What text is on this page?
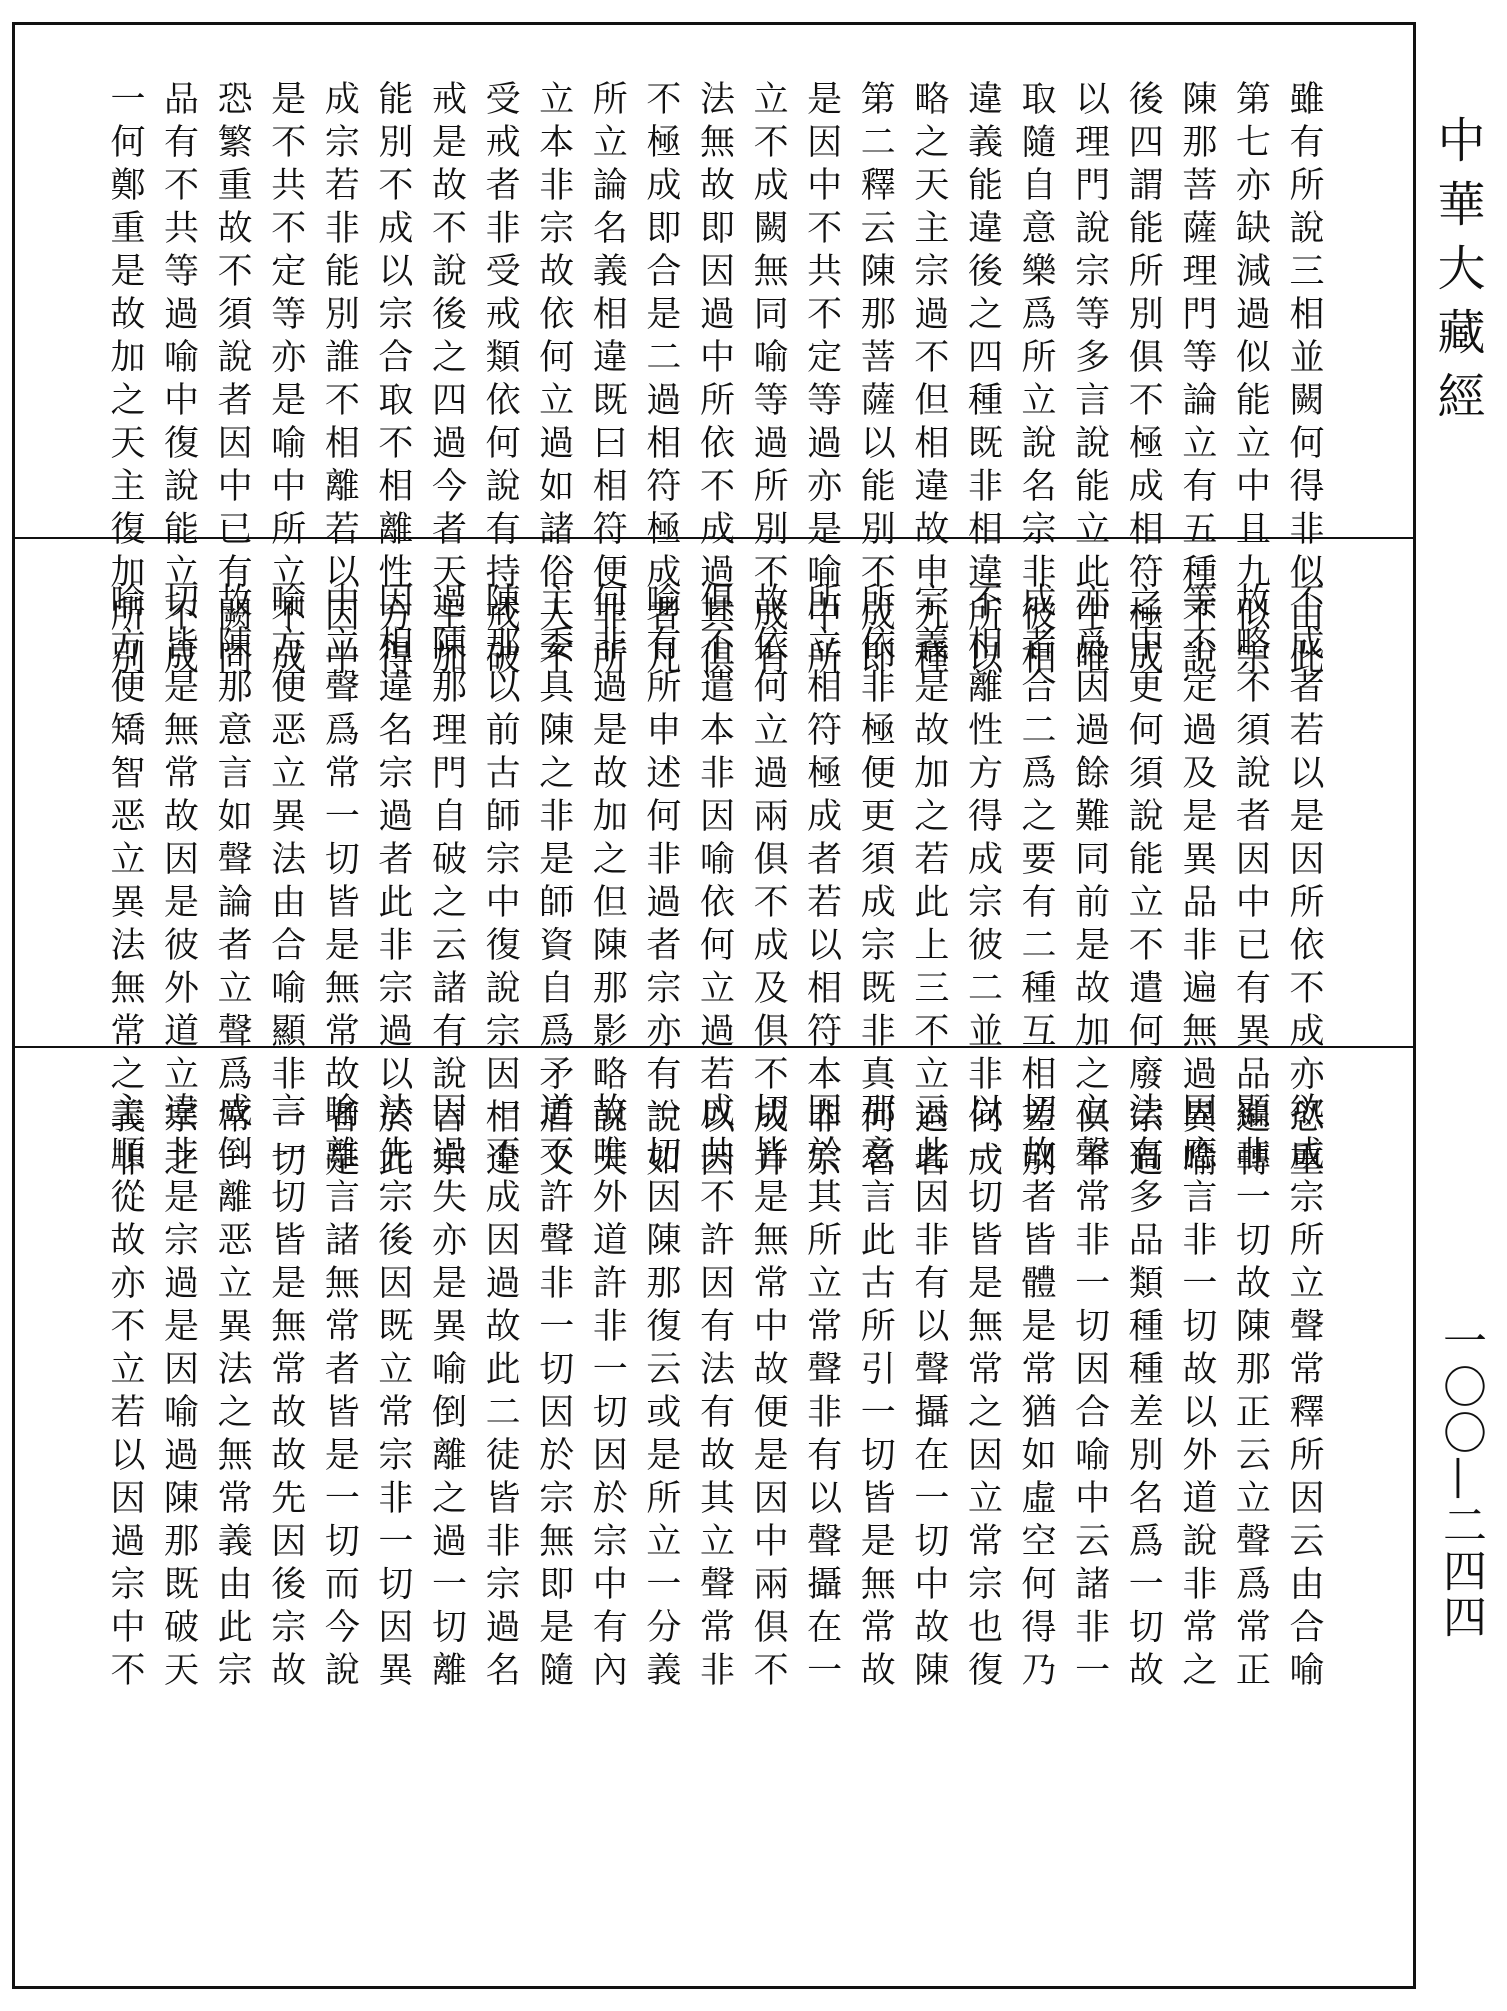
雖有所說三相並闕何得非似由此
第七亦缺減過似能立中且九似宗
陳那菩薩理門等論立有五種不說
後四謂能所別俱不極成相符極成
以理門說宗等多言說能立此中唯
取隨自意樂爲所立說名宗非彼相
違義能違後之四種既非相違所以
略之天主宗過不但相違故申九種
第二釋云陳那菩薩以能別不成即
是因中不共不定等過亦是喻中所
立不成闕無同喻等過所別不成有
法無故即因過中所依不成過其俱
不極成即合是二過相符極成者凡
所立論名義相違既曰相符便非所
立本非宗故依何立過如諸俗人不
受戒者非受戒類依何說有持戒破
戒是故不說後之四過今者天主加
能別不成以宗合取不相離性方得
成宗若非能別誰不相離若以因中
是不共不定等亦是喻中所立不成
恐繁重故不須說者因中已有闕同
品有不共等過喻中復說能立不成
一何鄭重是故加之天主復加所別
不成者若以是因所依不成亦恐重
故略不須說者因中已有異品遍轉
等不定過及是異品非遍無過異喻
之中更何須說能立不遣何廢宗過
亦爲因過餘難同前是故加之俱不
成者合二爲之要有二種互相差別
不相離性方得成宗彼二並非何成
宗義是故加之若此上三不立過者
所依非極便更須成宗既非真何名
所立相符極成者若以相符本非宗
故依何立過兩俱不成及俱不成并
俱不遣本非因喻依何立過若以因
喻有所申述何非過者宗亦有說如
何非過是故加之但陳那影略說天
主委具陳之非是師資自爲矛盾又
陳那以前古師宗中復說宗因相違
過陳那理門自破之云諸有說言宗
因相違名宗過者此非宗過以於此
中立聲爲常一切皆是無常故者是
喻方便恶立異法由合喻顯非一切
故陳那意言如聲論者立聲爲常一
切皆是無常故因是彼外道立宗之
喻方便矯智恶立異法無常之義非
欲成宗所立聲常釋所因云由合喻
顯非一切故陳那正云立聲爲常正
因應言非一切故以外道說非常之
法有多品類種種差別名爲一切故
立聲常非一切因合喻中云諸非一
切故者皆體是常猶如虛空何得乃
以一切皆是無常之因立常宗也復
云此因非有以聲攝在一切中故陳
那意言此古所引一切皆是無常故
因於其所立常聲非有以聲攝在一
切皆是無常中故便是因中兩俱不
成共不許因有法有故其立聲常非
一切因陳那復云或是所立一分義
故唯外道許非一切因於宗中有內
道不許聲非一切因於宗無即是隨
一不成因過故此二徒皆非宗過名
因過失亦是異喻倒離之過一切離
法先宗後因既立常宗非一切因異
喻離言諸無常者皆是一切而今說
言一切皆是無常故故先因後宗故
成倒離恶立異法之無常義由此宗
違非是宗過是因喻過陳那既破天
主順從故亦不立若以因過宗中不
中華大藏經
一〇〇—二四四
